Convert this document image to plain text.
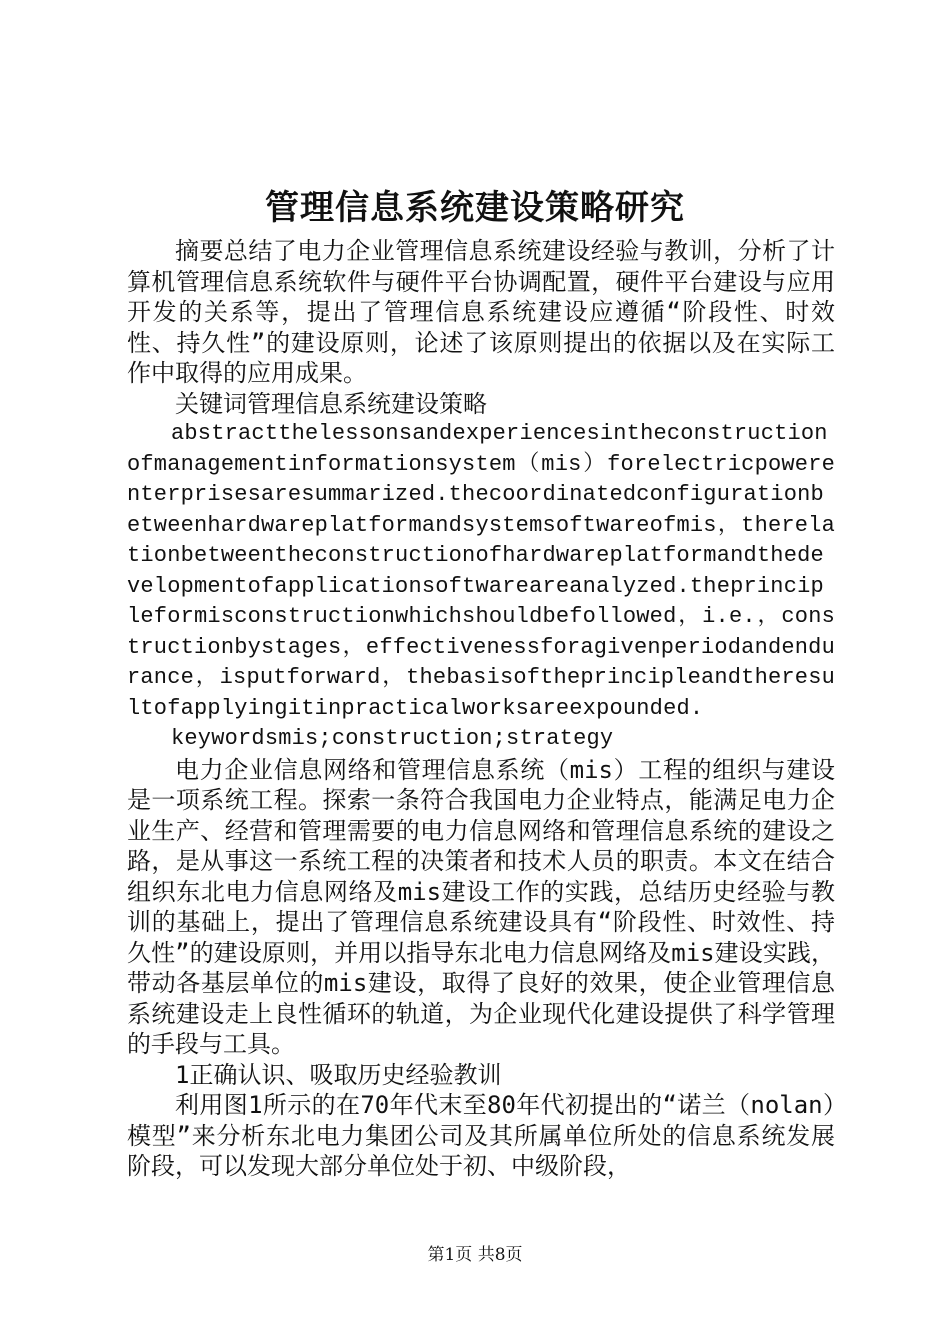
管理信息系统建设策略研究

摘要总结了电力企业管理信息系统建设经验与教训，分析了计算机管理信息系统软件与硬件平台协调配置，硬件平台建设与应用开发的关系等，提出了管理信息系统建设应遵循“阶段性、时效性、持久性”的建设原则，论述了该原则提出的依据以及在实际工作中取得的应用成果。

关键词管理信息系统建设策略

abstractthelessonsandexperiencesintheconstructionofmanagementinformationsystem（mis）forelectricpowerenterprisesaresummarized.thecoordinatedconfigurationbetweenhardwareplatformandsystemsoftwareofmis，therelationbetweentheconstructionofhardwareplatformandthedevelopmentofapplicationsoftwareareanalyzed.theprincipleformisconstructionwhichshouldbefollowed，i.e.，constructionbystages，effectivenessforagivenperiodandendurance，isputforward，thebasisoftheprincipleandtheresultofapplyingitinpracticalworksareexpounded.

keywordsmis;construction;strategy

电力企业信息网络和管理信息系统（mis）工程的组织与建设是一项系统工程。探索一条符合我国电力企业特点，能满足电力企业生产、经营和管理需要的电力信息网络和管理信息系统的建设之路，是从事这一系统工程的决策者和技术人员的职责。本文在结合组织东北电力信息网络及mis建设工作的实践，总结历史经验与教训的基础上，提出了管理信息系统建设具有“阶段性、时效性、持久性”的建设原则，并用以指导东北电力信息网络及mis建设实践，带动各基层单位的mis建设，取得了良好的效果，使企业管理信息系统建设走上良性循环的轨道，为企业现代化建设提供了科学管理的手段与工具。

1正确认识、吸取历史经验教训

利用图1所示的在70年代末至80年代初提出的“诺兰（nolan）模型”来分析东北电力集团公司及其所属单位所处的信息系统发展阶段，可以发现大部分单位处于初、中级阶段，

第1页 共8页
